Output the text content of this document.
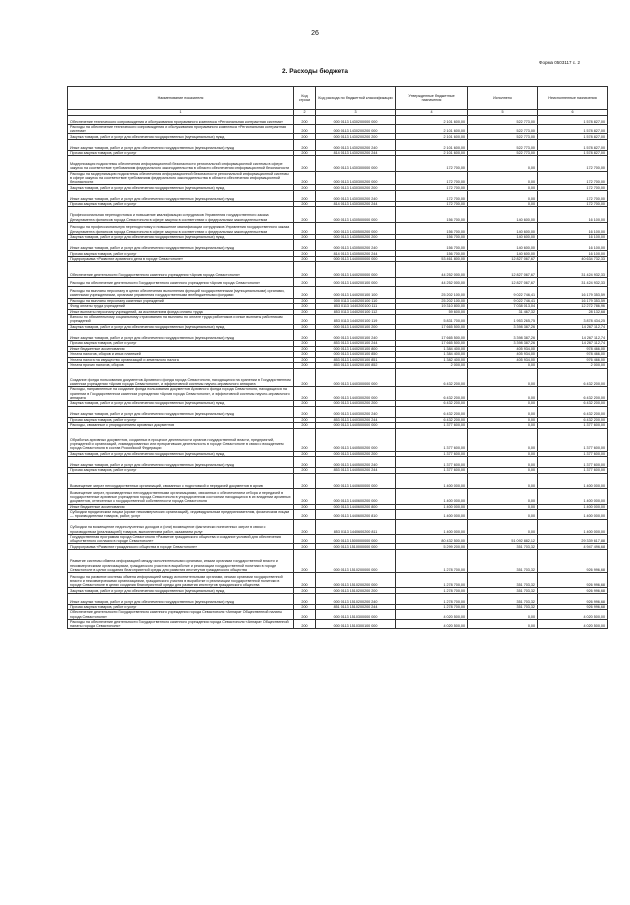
26
Форма 0503117 с. 2
2. Расходы бюджета
Наименование показателя	Код строки	Код расхода по бюджетной классификации	Утвержденные бюджетные назначения	Исполнено	Неисполненные назначения
1	2	3	4	5	6
Обеспечение технического сопровождения и обслуживания программного комплекса «Региональная контрактная система»	200	000 0113 1430200000 000	2 101 600,00	522 773,00	1 578 827,00
Расходы на обеспечение технического сопровождения и обслуживания программного комплекса «Региональная контрактная система»	200	000 0113 1430200200 000	2 101 600,00	522 773,00	1 578 827,00
Закупка товаров, работ и услуг для обеспечения государственных (муниципальных) нужд	200	000 0113 1430200200 200	2 101 600,00	522 773,00	1 578 827,00
Иные закупки товаров, работ и услуг для обеспечения государственных (муниципальных) нужд	200	000 0113 1430200200 240	2 101 600,00	522 773,00	1 578 827,00
Прочая закупка товаров, работ и услуг	200	814 0113 1430200200 244	2 101 600,00	522 773,00	1 578 827,00
Модернизация подсистемы обеспечения информационной безопасности региональной информационной системы в сфере закупок на соответствие требованиям федерального законодательства в области обеспечения информационной безопасности	200	000 0113 1430300000 000	172 700,00	0,00	172 700,00
Расходы на модернизацию подсистемы обеспечения информационной безопасности региональной информационной системы в сфере закупок на соответствие требованиям федерального законодательства в области обеспечения информационной безопасности	200	000 0113 1430300200 000	172 700,00	0,00	172 700,00
Закупка товаров, работ и услуг для обеспечения государственных (муниципальных) нужд	200	000 0113 1430300200 200	172 700,00	0,00	172 700,00
Иные закупки товаров, работ и услуг для обеспечения государственных (муниципальных) нужд	200	000 0113 1430300200 240	172 700,00	0,00	172 700,00
Прочая закупка товаров, работ и услуг	200	814 0113 1430300200 244	172 700,00	0,00	172 700,00
Профессиональная переподготовка и повышение квалификации сотрудников Управления государственного заказа Департамента финансов города Севастополя в сфере закупок в соответствии с федеральным законодательством	200	000 0113 1430500000 000	156 700,00	140 600,00	16 100,00
Расходы на профессиональную переподготовку и повышение квалификации сотрудников Управления государственного заказа Департамента финансов города Севастополя в сфере закупок в соответствии с федеральным законодательством	200	000 0113 1430500200 000	156 700,00	140 600,00	16 100,00
Закупка товаров, работ и услуг для обеспечения государственных (муниципальных) нужд	200	000 0113 1430500200 200	156 700,00	140 600,00	16 100,00
Иные закупки товаров, работ и услуг для обеспечения государственных (муниципальных) нужд	200	000 0113 1430500200 240	156 700,00	140 600,00	16 100,00
Прочая закупка товаров, работ и услуг	200	814 0113 1430500200 244	156 700,00	140 600,00	16 100,00
Подпрограмма «Развитие архивного дела в городе Севастополе»	200	000 0113 1440000000 000	53 461 800,00	12 827 067,67	40 634 732,33
Обеспечение деятельности Государственного казенного учреждения «Архив города Севастополя»	200	000 0113 1440200000 000	44 252 000,00	12 827 067,67	31 424 932,33
Расходы на обеспечение деятельности Государственного казенного учреждения «Архив города Севастополя»	200	000 0113 1440200100 000	44 252 000,00	12 827 067,67	31 424 932,33
Расходы на выплаты персоналу в целях обеспечения выполнения функций государственными (муниципальными) органами, казенными учреждениями, органами управления государственными внебюджетными фондами	200	000 0113 1440200100 100	25 202 100,00	9 022 746,41	16 179 353,59
Расходы на выплаты персоналу казенных учреждений	200	000 0113 1440200100 110	25 202 100,00	9 022 746,41	16 179 353,59
Фонд оплаты труда учреждений	200	853 0113 1440200100 111	19 310 800,00	7 038 013,04	12 272 786,96
Иные выплаты персоналу учреждений, за исключением фонда оплаты труда	200	853 0113 1440200100 112	59 600,00	31 467,32	28 132,68
Взносы по обязательному социальному страхованию на выплаты по оплате труда работников и иные выплаты работникам учреждений	200	853 0113 1440200100 119	5 831 700,00	1 953 265,75	3 878 434,25
Закупка товаров, работ и услуг для обеспечения государственных (муниципальных) нужд	200	000 0113 1440200100 200	17 665 500,00	3 398 387,26	14 267 112,74
Иные закупки товаров, работ и услуг для обеспечения государственных (муниципальных) нужд	200	000 0113 1440200100 240	17 665 500,00	3 398 387,26	14 267 112,74
Прочая закупка товаров, работ и услуг	200	853 0113 1440200100 244	17 665 500,00	3 398 387,26	14 267 112,74
Иные бюджетные ассигнования	200	000 0113 1440200100 800	1 384 400,00	405 934,00	978 466,00
Уплата налогов, сборов и иных платежей	200	000 0113 1440200100 850	1 384 400,00	405 934,00	978 466,00
Уплата налога на имущество организаций и земельного налога	200	853 0113 1440200100 851	1 382 400,00	405 934,00	976 466,00
Уплата прочих налогов, сборов	200	853 0113 1440200100 852	2 000,00	0,00	2 000,00
Создание фонда пользования документов Архивного фонда города Севастополя, находящихся на хранении в Государственном казенном учреждении «Архив города Севастополя», и эффективной системы научно-справочного аппарата	200	000 0113 1440300000 000	6 432 200,00	0,00	6 432 200,00
Расходы, направленные на создание фонда пользования документов Архивного фонда города Севастополя, находящихся на хранении в Государственном казенном учреждении «Архив города Севастополя», и эффективной системы научно-справочного аппарата	200	000 0113 1440300200 000	6 432 200,00	0,00	6 432 200,00
Закупка товаров, работ и услуг для обеспечения государственных (муниципальных) нужд	200	000 0113 1440300200 200	6 432 200,00	0,00	6 432 200,00
Иные закупки товаров, работ и услуг для обеспечения государственных (муниципальных) нужд	200	000 0113 1440300200 240	6 432 200,00	0,00	6 432 200,00
Прочая закупка товаров, работ и услуг	200	853 0113 1440300200 244	6 432 200,00	0,00	6 432 200,00
Расходы, связанные с упорядочением архивных документов	200	000 0113 1440500000 000	1 377 600,00	0,00	1 377 600,00
Обработка архивных документов, созданных в процессе деятельности органов государственной власти, предприятий, учреждений и организаций, ликвидированных или прекративших деятельность в городе Севастополе в связи с вхождением города Севастополя в состав Российской Федерации	200	000 0113 1440500200 000	1 377 600,00	0,00	1 377 600,00
Закупка товаров, работ и услуг для обеспечения государственных (муниципальных) нужд	200	000 0113 1440500200 200	1 377 600,00	0,00	1 377 600,00
Иные закупки товаров, работ и услуг для обеспечения государственных (муниципальных) нужд	200	000 0113 1440500200 240	1 377 600,00	0,00	1 377 600,00
Прочая закупка товаров, работ и услуг	200	853 0113 1440500200 244	1 377 600,00	0,00	1 377 600,00
Возмещение затрат негосударственных организаций, связанных с подготовкой и передачей документов в архив	200	000 0113 1440600000 000	1 400 000,00	0,00	1 400 000,00
Возмещение затрат, произведенных негосударственными организациями, связанных с обеспечением отбора и передачей в государственные архивные учреждения города Севастополя в упорядоченном состоянии находящихся в их владении архивных документов, отнесенных к государственной собственности города Севастополя	200	000 0113 1440600200 000	1 400 000,00	0,00	1 400 000,00
Иные бюджетные ассигнования	200	000 0113 1440600200 800	1 400 000,00	0,00	1 400 000,00
Субсидии юридическим лицам (кроме некоммерческих организаций), индивидуальным предпринимателям, физическим лицам — производителям товаров, работ, услуг	200	000 0113 1440600200 810	1 400 000,00	0,00	1 400 000,00
Субсидии на возмещение недополученных доходов и (или) возмещение фактически понесенных затрат в связи с производством (реализацией) товаров, выполнением работ, оказанием услуг	200	853 0113 1440600200 811	1 400 000,00	0,00	1 400 000,00
Государственная программа города Севастополя «Развитие гражданского общества и создание условий для обеспечения общественного согласия в городе Севастополе»	200	000 0113 1500000000 000	80 432 500,00	51 092 882,12	29 339 617,88
Подпрограмма «Развитие гражданского общества в городе Севастополе»	200	000 0113 1510000000 000	5 299 200,00	351 703,32	4 947 496,68
Развитие системы обмена информацией между исполнительными органами, иными органами государственной власти и некоммерческими организациями, гражданского участия в выработке и реализации государственной политики в городе Севастополе в целях создания благоприятной среды для развития институтов гражданского общества	200	000 0113 1510200000 000	1 278 700,00	351 703,32	926 996,68
Расходы на развитие системы обмена информацией между исполнительными органами, иными органами государственной власти и некоммерческими организациями, гражданского участия в выработке и реализации государственной политики в городе Севастополе в целях создания благоприятной среды для развития институтов гражданского общества	200	000 0113 1510200200 000	1 278 700,00	351 703,32	926 996,68
Закупка товаров, работ и услуг для обеспечения государственных (муниципальных) нужд	200	000 0113 1510200200 200	1 278 700,00	351 703,32	926 996,68
Иные закупки товаров, работ и услуг для обеспечения государственных (муниципальных) нужд	200	000 0113 1510200200 240	1 278 700,00	351 703,32	926 996,68
Прочая закупка товаров, работ и услуг	200	851 0113 1510200200 244	1 278 700,00	351 703,32	926 996,68
Обеспечение деятельности Государственного казенного учреждения города Севастополя «Аппарат Общественной палаты города Севастополя»	200	000 0113 1510300000 000	4 020 500,00	0,00	4 020 500,00
Расходы на обеспечение деятельности Государственного казенного учреждения города Севастополя «Аппарат Общественной палаты города Севастополя»	200	000 0113 1510300100 000	4 020 500,00	0,00	4 020 500,00
